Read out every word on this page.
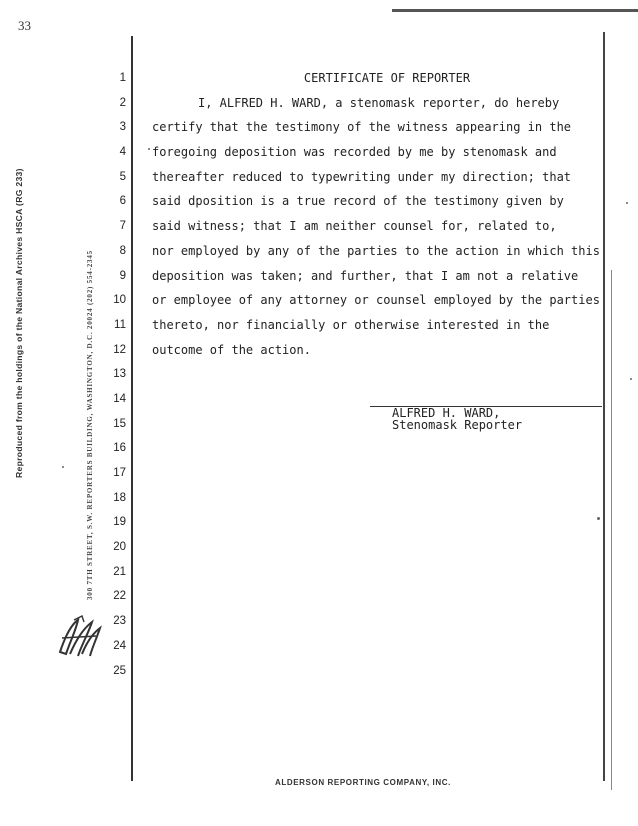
33
Reproduced from the holdings of the National Archives HSCA (RG 233)	300 7TH STREET, S.W. REPORTERS BUILDING, WASHINGTON, D.C. 20024 (202) 554-2345
1
2
3
4
5
6
7
8
9
10
11
12
13
14
15
16
17
18
19
20
21
22
23
24
25
CERTIFICATE OF REPORTER
I, ALFRED H. WARD, a stenomask reporter, do hereby
certify that the testimony of the witness appearing in the
foregoing deposition was recorded by me by stenomask and
thereafter reduced to typewriting under my direction; that
said dposition is a true record of the testimony given by
said witness; that I am neither counsel for, related to,
nor employed by any of the parties to the action in which this
deposition was taken; and further, that I am not a relative
or employee of any attorney or counsel employed by the parties
thereto, nor financially or otherwise interested in the
outcome of the action.
ALFRED H. WARD,
Stenomask Reporter
ALDERSON REPORTING COMPANY, INC.
